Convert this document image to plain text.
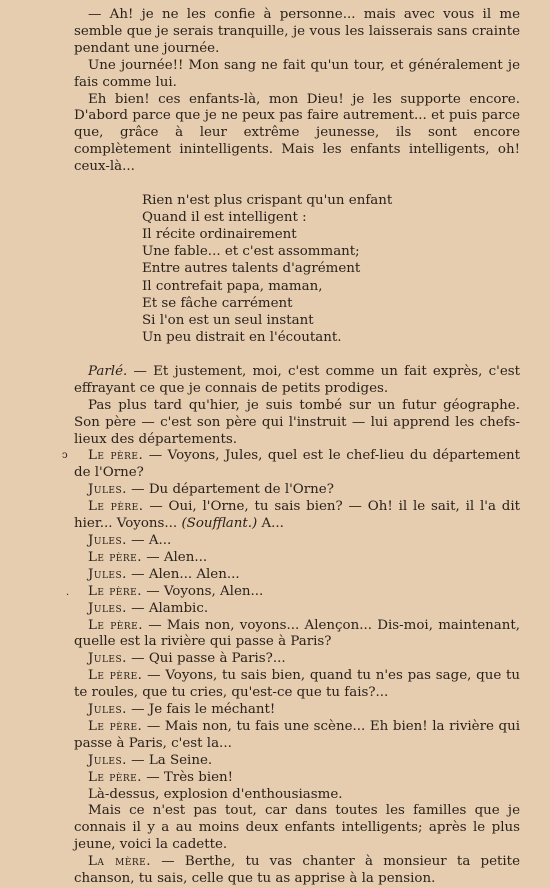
— Ah! je ne les confie à personne... mais avec vous il me semble que je serais tranquille, je vous les laisserais sans crainte pendant une journée.

Une journée!! Mon sang ne fait qu'un tour, et généralement je fais comme lui.

Eh bien! ces enfants-là, mon Dieu! je les supporte encore. D'abord parce que je ne peux pas faire autrement... et puis parce que, grâce à leur extrême jeunesse, ils sont encore complètement inintelligents. Mais les enfants intelligents, oh! ceux-là...

Rien n'est plus crispant qu'un enfant
Quand il est intelligent :
Il récite ordinairement
Une fable... et c'est assommant;
Entre autres talents d'agrément
Il contrefait papa, maman,
Et se fâche carrément
Si l'on est un seul instant
Un peu distrait en l'écoutant.

Parlé. — Et justement, moi, c'est comme un fait exprès, c'est effrayant ce que je connais de petits prodiges.

Pas plus tard qu'hier, je suis tombé sur un futur géographe. Son père — c'est son père qui l'instruit — lui apprend les chefs-lieux des départements.

Le père. — Voyons, Jules, quel est le chef-lieu du département de l'Orne?

Jules. — Du département de l'Orne?

Le père. — Oui, l'Orne, tu sais bien? — Oh! il le sait, il l'a dit hier... Voyons... (Soufflant.) A...

Jules. — A...

Le père. — Alen...

Jules. — Alen... Alen...

Le père. — Voyons, Alen...

Jules. — Alambic.

Le père. — Mais non, voyons... Alençon... Dis-moi, maintenant, quelle est la rivière qui passe à Paris?

Jules. — Qui passe à Paris?...

Le père. — Voyons, tu sais bien, quand tu n'es pas sage, que tu te roules, que tu cries, qu'est-ce que tu fais?...

Jules. — Je fais le méchant!

Le père. — Mais non, tu fais une scène... Eh bien! la rivière qui passe à Paris, c'est la...

Jules. — La Seine.

Le père. — Très bien!

Là-dessus, explosion d'enthousiasme.

Mais ce n'est pas tout, car dans toutes les familles que je connais il y a au moins deux enfants intelligents; après le plus jeune, voici la cadette.

La mère. — Berthe, tu vas chanter à monsieur ta petite chanson, tu sais, celle que tu as apprise à la pension.

ↄ
·
